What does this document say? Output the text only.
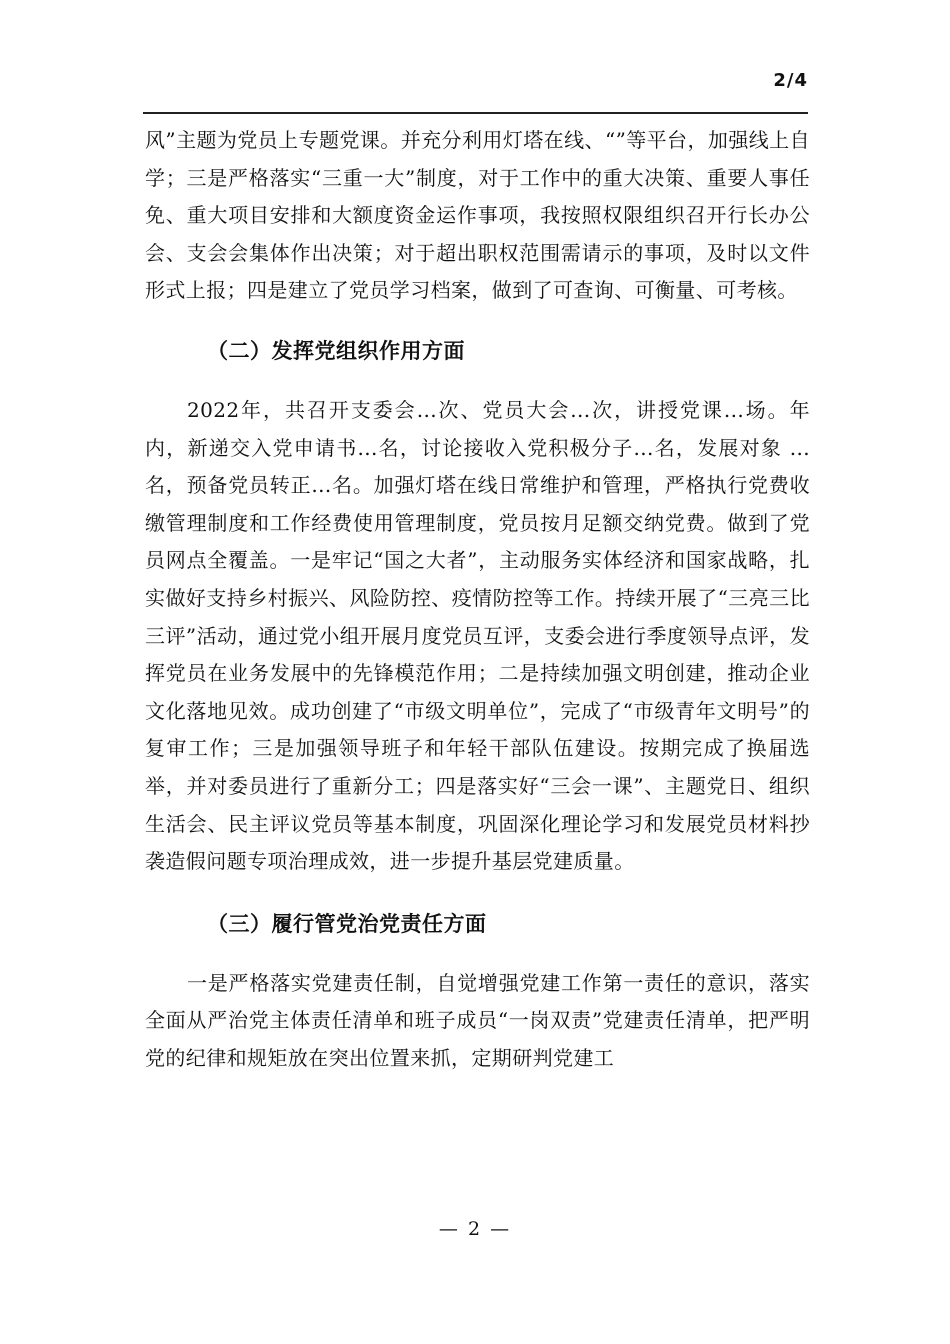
2/4

风”主题为党员上专题党课。并充分利用灯塔在线、“”等平台，加强线上自学；三是严格落实“三重一大”制度，对于工作中的重大决策、重要人事任免、重大项目安排和大额度资金运作事项，我按照权限组织召开行长办公会、支会会集体作出决策；对于超出职权范围需请示的事项，及时以文件形式上报；四是建立了党员学习档案，做到了可查询、可衡量、可考核。

（二）发挥党组织作用方面

2022年，共召开支委会...次、党员大会...次，讲授党课...场。年内，新递交入党申请书...名，讨论接收入党积极分子...名，发展对象 ...名，预备党员转正...名。加强灯塔在线日常维护和管理，严格执行党费收缴管理制度和工作经费使用管理制度，党员按月足额交纳党费。做到了党员网点全覆盖。一是牢记“国之大者”，主动服务实体经济和国家战略，扎实做好支持乡村振兴、风险防控、疫情防控等工作。持续开展了“三亮三比三评”活动，通过党小组开展月度党员互评，支委会进行季度领导点评，发挥党员在业务发展中的先锋模范作用；二是持续加强文明创建，推动企业文化落地见效。成功创建了“市级文明单位”，完成了“市级青年文明号”的复审工作；三是加强领导班子和年轻干部队伍建设。按期完成了换届选举，并对委员进行了重新分工；四是落实好“三会一课”、主题党日、组织生活会、民主评议党员等基本制度，巩固深化理论学习和发展党员材料抄袭造假问题专项治理成效，进一步提升基层党建质量。

（三）履行管党治党责任方面

一是严格落实党建责任制，自觉增强党建工作第一责任的意识，落实全面从严治党主体责任清单和班子成员“一岗双责”党建责任清单，把严明党的纪律和规矩放在突出位置来抓，定期研判党建工

— 2 —
